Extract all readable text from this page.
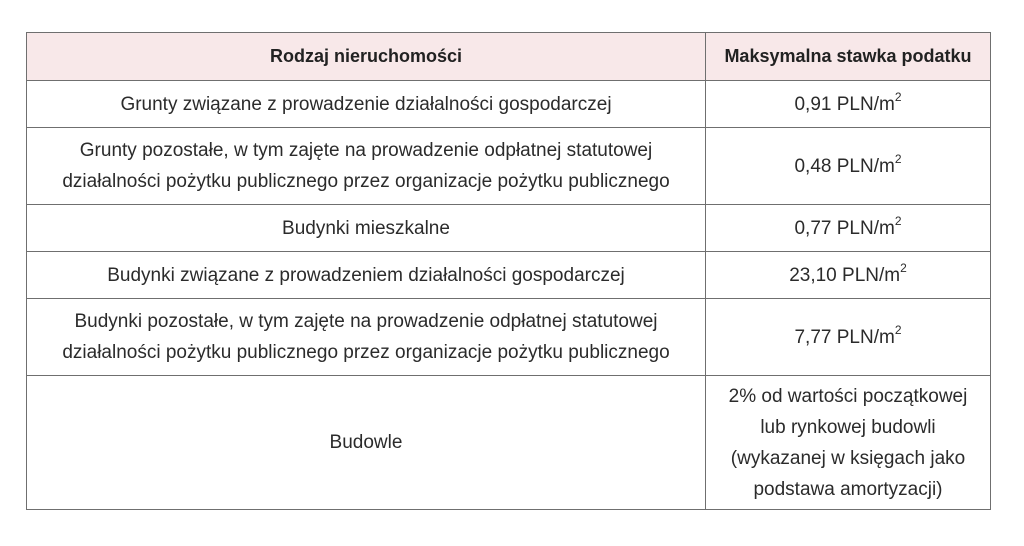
Rodzaj nieruchomości	Maksymalna stawka podatku
Grunty związane z prowadzenie działalności gospodarczej	0,91 PLN/$m^2$
Grunty pozostałe, w tym zajęte na prowadzenie odpłatnej statutowej
działalności pożytku publicznego przez organizacje pożytku publicznego	0,48 PLN/$m^2$
Budynki mieszkalne	0,77 PLN/$m^2$
Budynki związane z prowadzeniem działalności gospodarczej	23,10 PLN/$m^2$
Budynki pozostałe, w tym zajęte na prowadzenie odpłatnej statutowej
działalności pożytku publicznego przez organizacje pożytku publicznego	7,77 PLN/$m^2$
Budowle	2% od wartości początkowej
lub rynkowej budowli
(wykazanej w księgach jako
podstawa amortyzacji)
